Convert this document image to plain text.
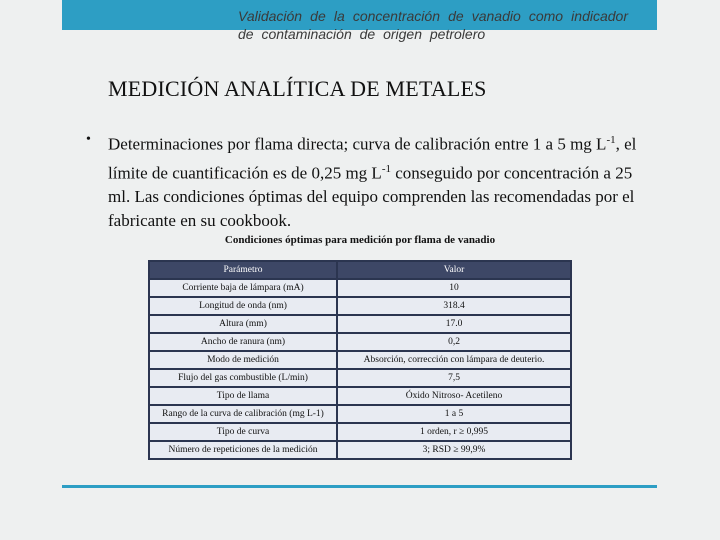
Validación de la concentración de vanadio como indicador de contaminación de origen petrolero
MEDICIÓN ANALÍTICA DE METALES
• Determinaciones por flama directa; curva de calibración entre 1 a 5 mg $L^{-1}$, el límite de cuantificación es de 0,25 mg $L^{-1}$ conseguido por concentración a 25 ml. Las condiciones óptimas del equipo comprenden las recomendadas por el fabricante en su cookbook.
Condiciones óptimas para medición por flama de vanadio
Parámetro	Valor
Corriente baja de lámpara (mA)	10
Longitud de onda (nm)	318.4
Altura (mm)	17.0
Ancho de ranura (nm)	0,2
Modo de medición	Absorción, corrección con lámpara de deuterio.
Flujo del gas combustible (L/min)	7,5
Tipo de llama	Óxido Nitroso- Acetileno
Rango de la curva de calibración (mg L-1)	1 a 5
Tipo de curva	1 orden, r ≥ 0,995
Número de repeticiones de la medición	3; RSD ≥ 99,9%
